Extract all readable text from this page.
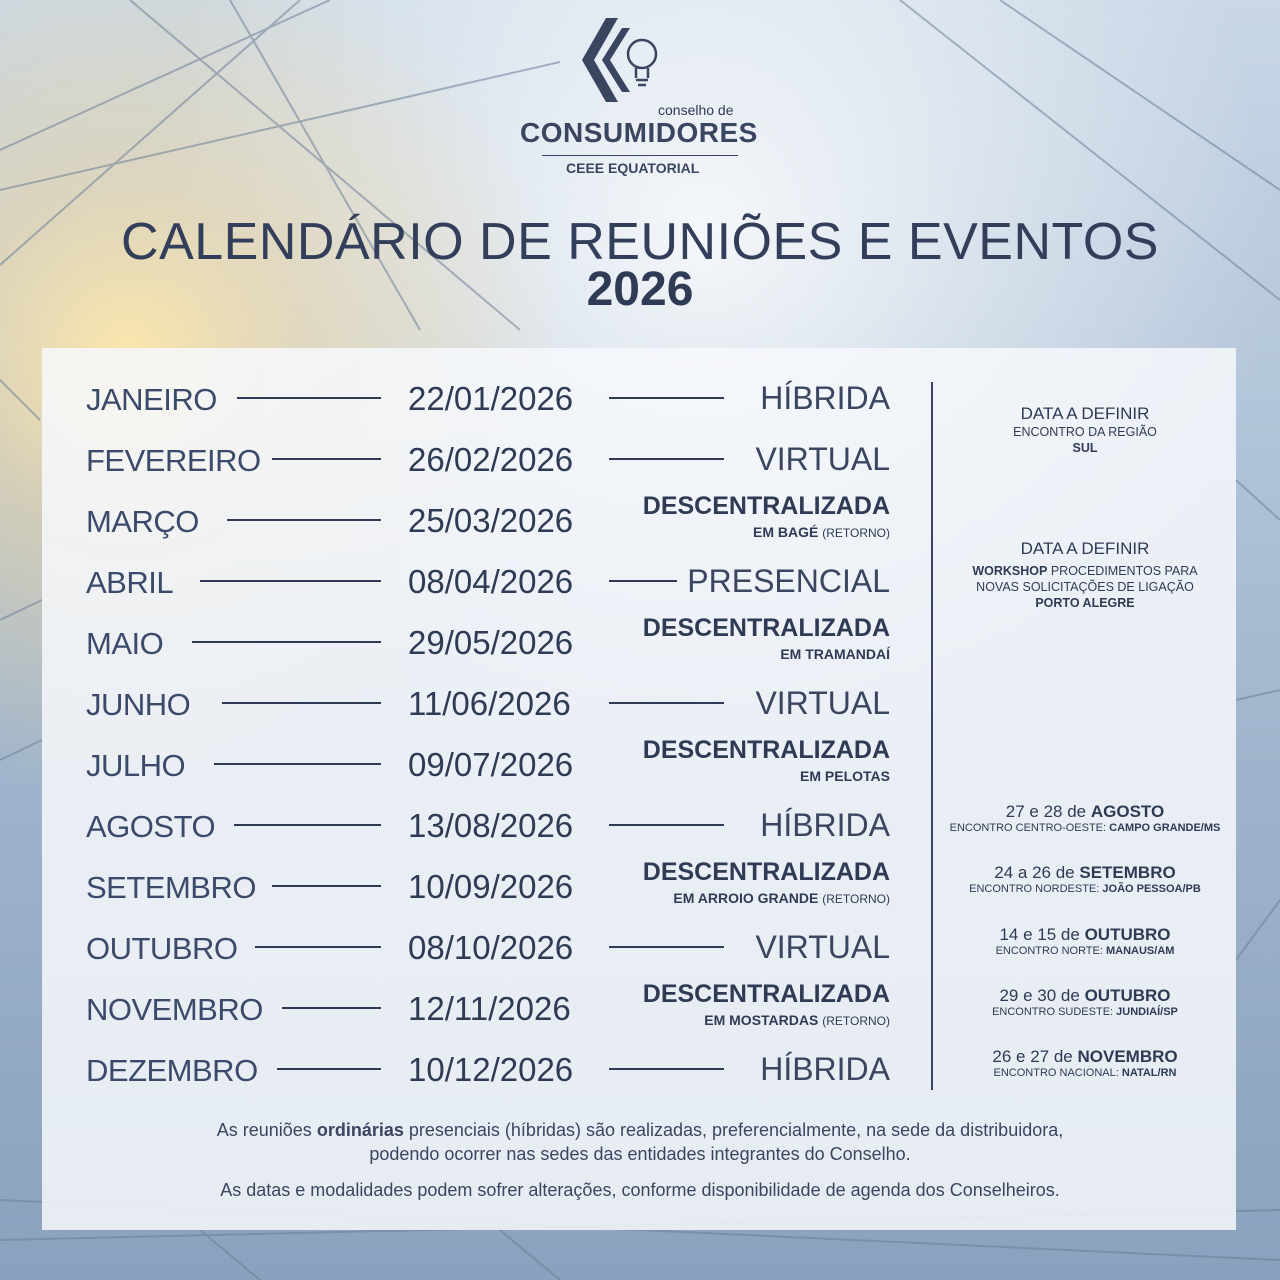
conselho de
CONSUMIDORES
CEEE EQUATORIAL
CALENDÁRIO DE REUNIÕES E EVENTOS
2026
JANEIRO	22/01/2026	HÍBRIDA
FEVEREIRO	26/02/2026	VIRTUAL
MARÇO	25/03/2026	DESCENTRALIZADA
EM BAGÉ (RETORNO)
ABRIL	08/04/2026	PRESENCIAL
MAIO	29/05/2026	DESCENTRALIZADA
EM TRAMANDAÍ
JUNHO	11/06/2026	VIRTUAL
JULHO	09/07/2026	DESCENTRALIZADA
EM PELOTAS
AGOSTO	13/08/2026	HÍBRIDA
SETEMBRO	10/09/2026	DESCENTRALIZADA
EM ARROIO GRANDE (RETORNO)
OUTUBRO	08/10/2026	VIRTUAL
NOVEMBRO	12/11/2026	DESCENTRALIZADA
EM MOSTARDAS (RETORNO)
DEZEMBRO	10/12/2026	HÍBRIDA
DATA A DEFINIR
ENCONTRO DA REGIÃO
SUL
DATA A DEFINIR
WORKSHOP PROCEDIMENTOS PARA
NOVAS SOLICITAÇÕES DE LIGAÇÃO
PORTO ALEGRE
27 e 28 de AGOSTO
ENCONTRO CENTRO-OESTE: CAMPO GRANDE/MS
24 a 26 de SETEMBRO
ENCONTRO NORDESTE: JOÃO PESSOA/PB
14 e 15 de OUTUBRO
ENCONTRO NORTE: MANAUS/AM
29 e 30 de OUTUBRO
ENCONTRO SUDESTE: JUNDIAÍ/SP
26 e 27 de NOVEMBRO
ENCONTRO NACIONAL: NATAL/RN

As reuniões ordinárias presenciais (híbridas) são realizadas, preferencialmente, na sede da distribuidora,
podendo ocorrer nas sedes das entidades integrantes do Conselho.

As datas e modalidades podem sofrer alterações, conforme disponibilidade de agenda dos Conselheiros.
